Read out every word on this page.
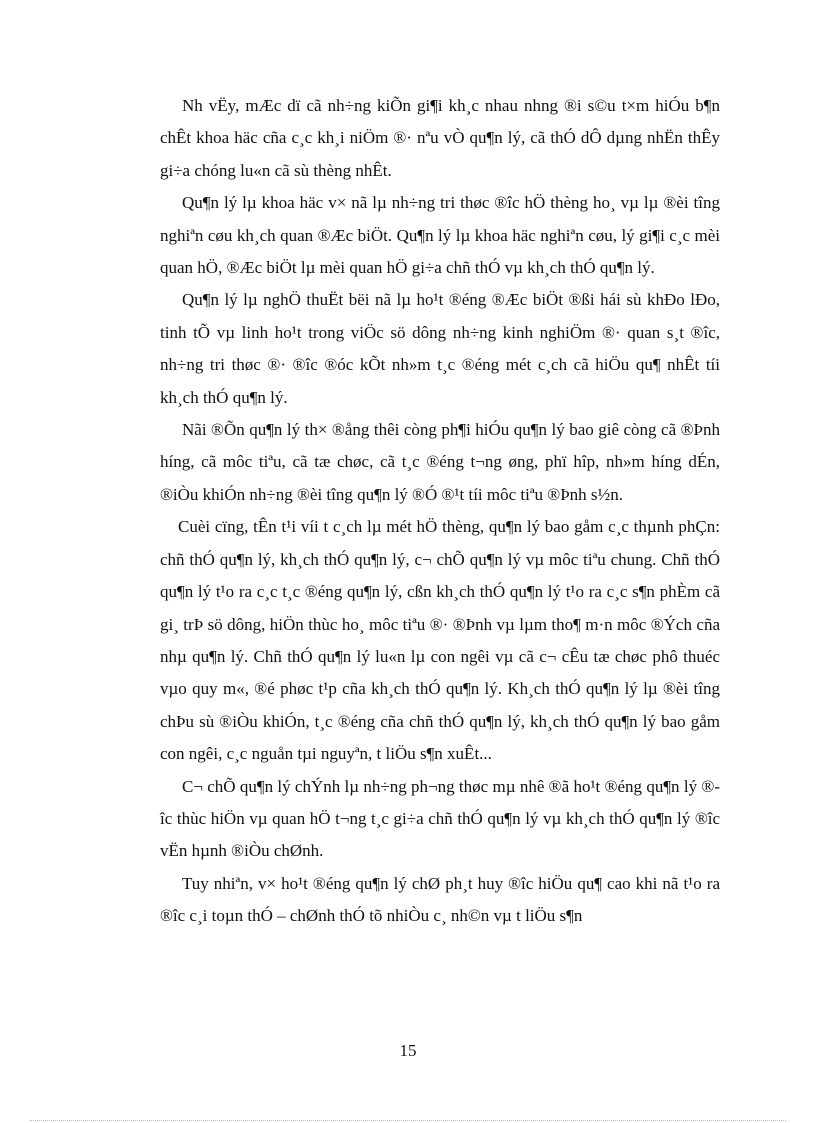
Nh vËy, mÆc dï cã nh÷ng kiÕn gi¶i kh¸c nhau nhng ®i s©u t×m hiÓu b¶n chÊt khoa häc cña c¸c kh¸i niÖm ®· nªu vÒ qu¶n lý, cã thÓ dÔ dµng nhËn thÊy gi÷a chóng lu«n cã sù thèng nhÊt.

Qu¶n lý lµ khoa häc v× nã lµ nh÷ng tri thøc ®îc hÖ thèng ho¸ vµ lµ ®èi tîng nghiªn cøu kh¸ch quan ®Æc biÖt. Qu¶n lý lµ khoa häc nghiªn cøu, lý gi¶i c¸c mèi quan hÖ, ®Æc biÖt lµ mèi quan hÖ gi÷a chñ thÓ vµ kh¸ch thÓ qu¶n lý.

Qu¶n lý lµ nghÖ thuËt bëi nã lµ ho¹t ®éng ®Æc biÖt ®ßi hái sù khÐo lÐo, tinh tÕ vµ linh ho¹t trong viÖc sö dông nh÷ng kinh nghiÖm ®· quan s¸t ®îc, nh÷ng tri thøc ®· ®îc ®óc kÕt nh»m t¸c ®éng mét c¸ch cã hiÖu qu¶ nhÊt tíi kh¸ch thÓ qu¶n lý.

Nãi ®Õn qu¶n lý th× ®ång thêi còng ph¶i hiÓu qu¶n lý bao giê còng cã ®Þnh híng, cã môc tiªu, cã tæ chøc, cã t¸c ®éng t¬ng øng, phï hîp, nh»m híng dÉn, ®iÒu khiÓn nh÷ng ®èi tîng qu¶n lý ®Ó ®¹t tíi môc tiªu ®Þnh s½n.

Cuèi cïng, tÊn t¹i víi t c¸ch lµ mét hÖ thèng, qu¶n lý bao gåm c¸c thµnh phÇn: chñ thÓ qu¶n lý, kh¸ch thÓ qu¶n lý, c¬ chÕ qu¶n lý vµ môc tiªu chung. Chñ thÓ qu¶n lý t¹o ra c¸c t¸c ®éng qu¶n lý, cßn kh¸ch thÓ qu¶n lý t¹o ra c¸c s¶n phÈm cã gi¸ trÞ sö dông, hiÖn thùc ho¸ môc tiªu ®· ®Þnh vµ lµm tho¶ m·n môc ®Ých cña nhµ qu¶n lý. Chñ thÓ qu¶n lý lu«n lµ con ngêi vµ cã c¬ cÊu tæ chøc phô thuéc vµo quy m«, ®é phøc t¹p cña kh¸ch thÓ qu¶n lý. Kh¸ch thÓ qu¶n lý lµ ®èi tîng chÞu sù ®iÒu khiÓn, t¸c ®éng cña chñ thÓ qu¶n lý, kh¸ch thÓ qu¶n lý bao gåm con ngêi, c¸c nguån tµi nguyªn, t liÖu s¶n xuÊt...

C¬ chÕ qu¶n lý chÝnh lµ nh÷ng ph¬ng thøc mµ nhê ®ã ho¹t ®éng qu¶n lý ®îc thùc hiÖn vµ quan hÖ t¬ng t¸c gi÷a chñ thÓ qu¶n lý vµ kh¸ch thÓ qu¶n lý ®îc vËn hµnh ®iÒu chØnh.

Tuy nhiªn, v× ho¹t ®éng qu¶n lý chØ ph¸t huy ®îc hiÖu qu¶ cao khi nã t¹o ra ®îc c¸i toµn thÓ – chØnh thÓ tõ nhiÒu c¸ nh©n vµ t liÖu s¶n

15
